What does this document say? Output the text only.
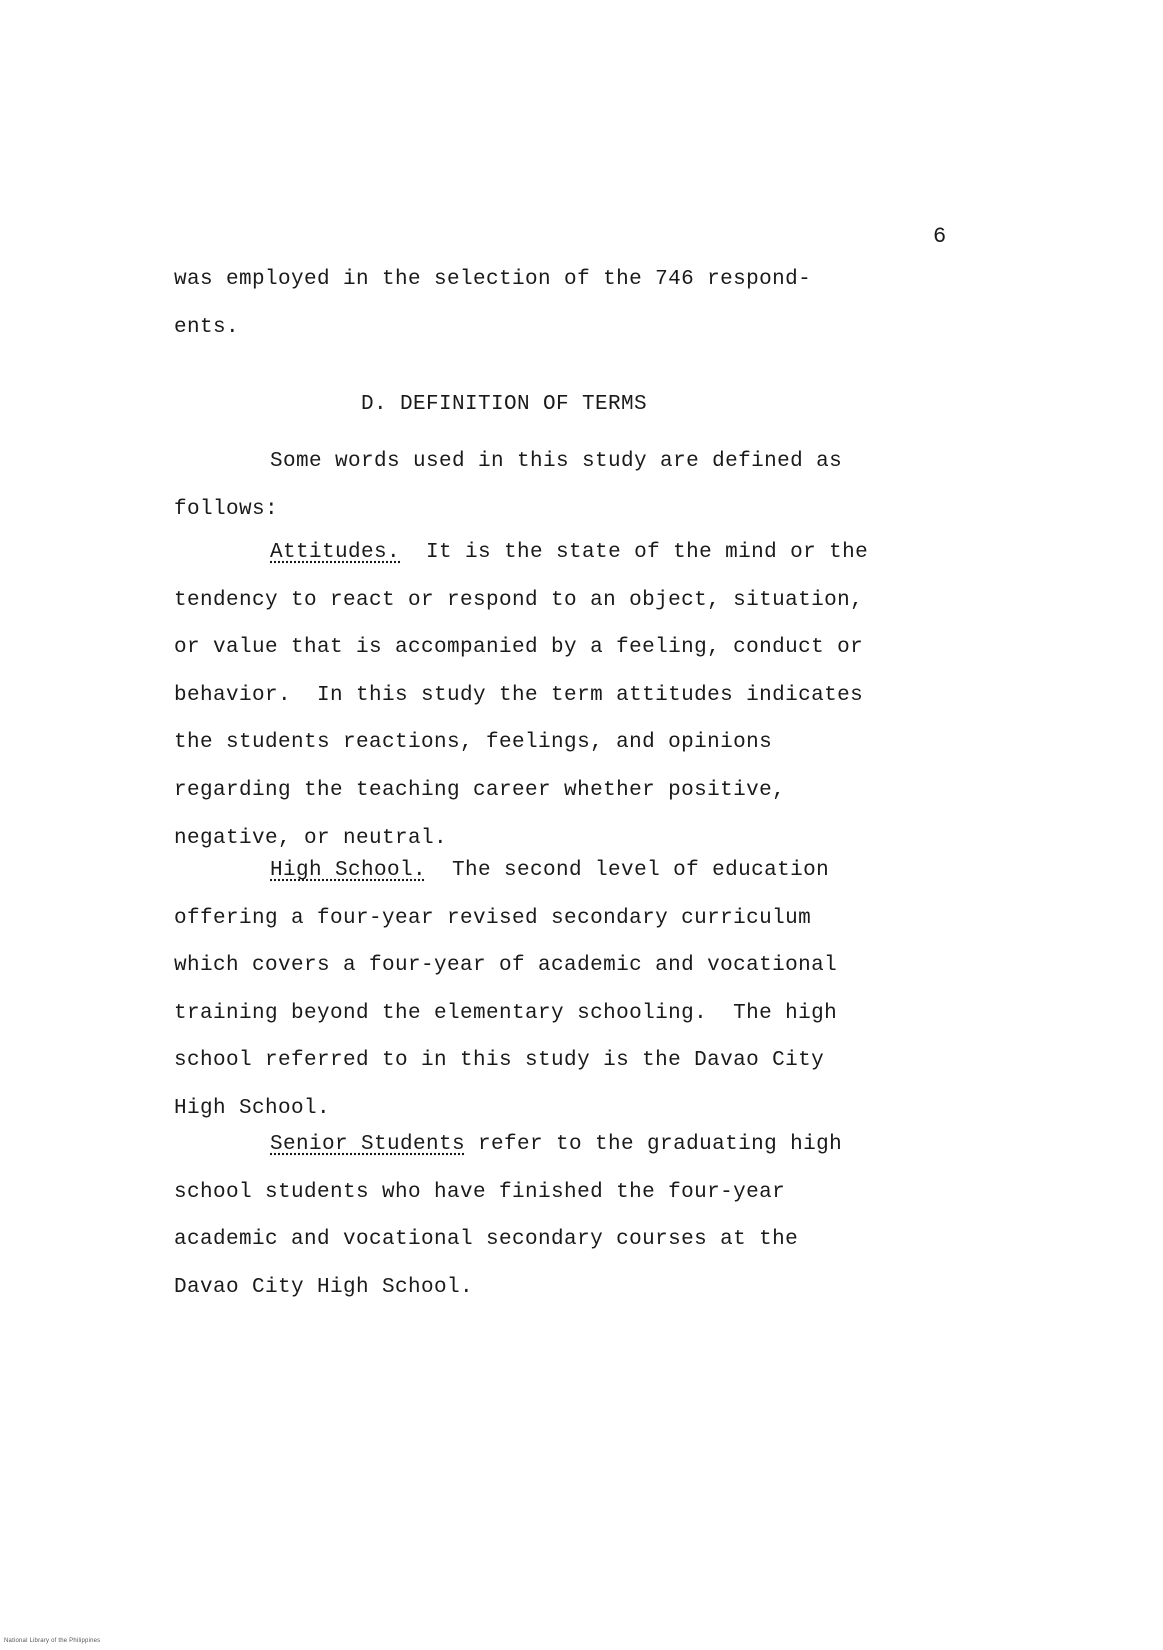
6
was employed in the selection of the 746 respond-
ents.
D. DEFINITION OF TERMS
Some words used in this study are defined as
follows:
Attitudes.  It is the state of the mind or the
tendency to react or respond to an object, situation,
or value that is accompanied by a feeling, conduct or
behavior.  In this study the term attitudes indicates
the students reactions, feelings, and opinions
regarding the teaching career whether positive,
negative, or neutral.
High School.  The second level of education
offering a four-year revised secondary curriculum
which covers a four-year of academic and vocational
training beyond the elementary schooling.  The high
school referred to in this study is the Davao City
High School.
Senior Students refer to the graduating high
school students who have finished the four-year
academic and vocational secondary courses at the
Davao City High School.
National Library of the Philippines
